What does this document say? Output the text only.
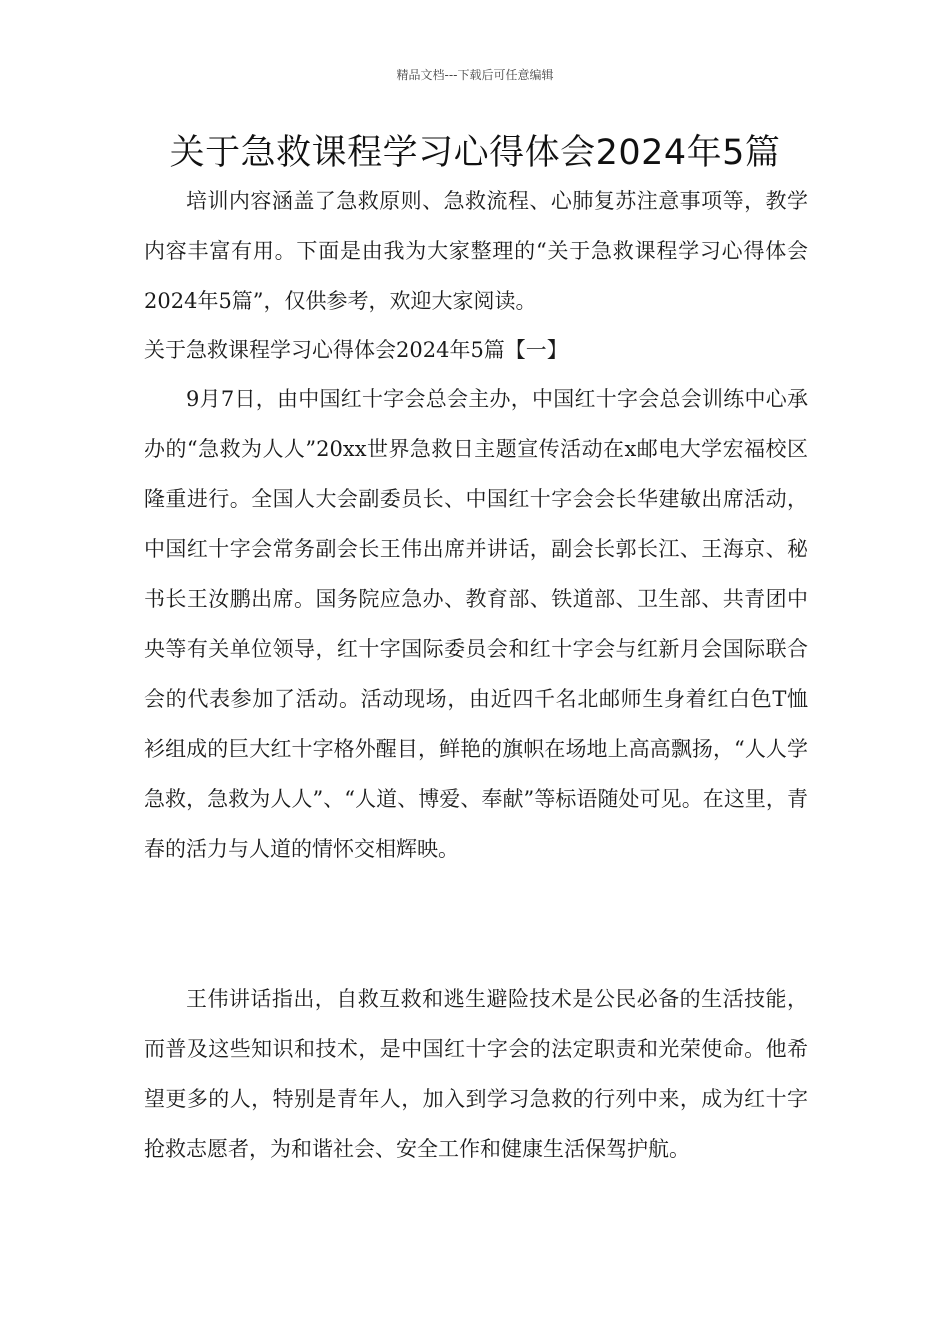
精品文档---下载后可任意编辑
关于急救课程学习心得体会2024年5篇

培训内容涵盖了急救原则、急救流程、心肺复苏注意事项等，教学内容丰富有用。下面是由我为大家整理的“关于急救课程学习心得体会2024年5篇”，仅供参考，欢迎大家阅读。

关于急救课程学习心得体会2024年5篇【一】

9月7日，由中国红十字会总会主办，中国红十字会总会训练中心承办的“急救为人人”20xx世界急救日主题宣传活动在x邮电大学宏福校区隆重进行。全国人大会副委员长、中国红十字会会长华建敏出席活动，中国红十字会常务副会长王伟出席并讲话，副会长郭长江、王海京、秘书长王汝鹏出席。国务院应急办、教育部、铁道部、卫生部、共青团中央等有关单位领导，红十字国际委员会和红十字会与红新月会国际联合会的代表参加了活动。活动现场，由近四千名北邮师生身着红白色T恤衫组成的巨大红十字格外醒目，鲜艳的旗帜在场地上高高飘扬，“人人学急救，急救为人人”、“人道、博爱、奉献”等标语随处可见。在这里，青春的活力与人道的情怀交相辉映。

王伟讲话指出，自救互救和逃生避险技术是公民必备的生活技能，而普及这些知识和技术，是中国红十字会的法定职责和光荣使命。他希望更多的人，特别是青年人，加入到学习急救的行列中来，成为红十字抢救志愿者，为和谐社会、安全工作和健康生活保驾护航。
